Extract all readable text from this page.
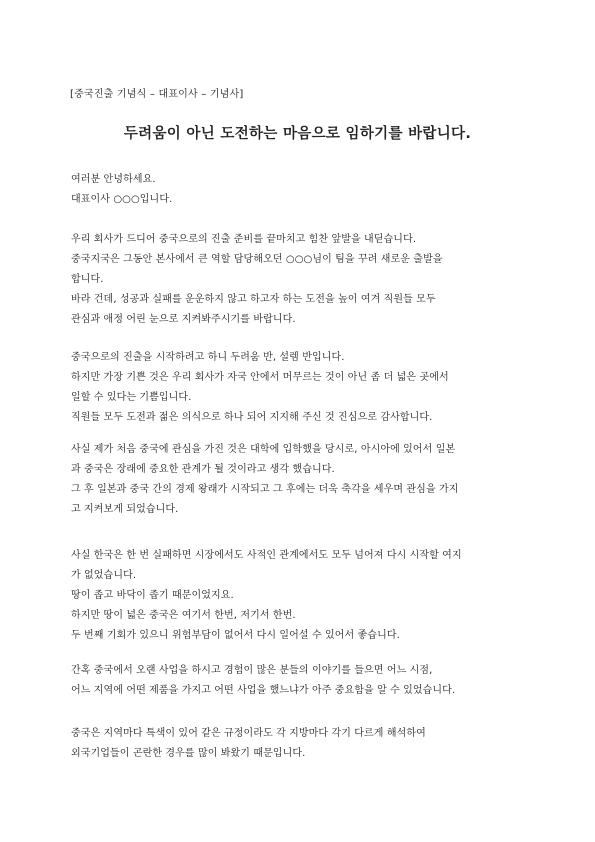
[중국진출 기념식 – 대표이사 – 기념사]
두려움이 아닌 도전하는 마음으로 임하기를 바랍니다.
여러분 안녕하세요.
대표이사 ○○○입니다.
우리 회사가 드디어 중국으로의 진출 준비를 끝마치고 힘찬 앞발을 내딛습니다.
중국지국은 그동안 본사에서 큰 역할 담당해오던 ○○○님이 팀을 꾸려 새로운 출발을
합니다.
바라 건데, 성공과 실패를 운운하지 않고 하고자 하는 도전을 높이 여겨 직원들 모두
관심과 애정 어린 눈으로 지켜봐주시기를 바랍니다.
중국으로의 진출을 시작하려고 하니 두려움 반, 설렘 반입니다.
하지만 가장 기쁜 것은 우리 회사가 자국 안에서 머무르는 것이 아닌 좀 더 넓은 곳에서
일할 수 있다는 기쁨입니다.
직원들 모두 도전과 젊은 의식으로 하나 되어 지지해 주신 것 진심으로 감사합니다.
사실 제가 처음 중국에 관심을 가진 것은 대학에 입학했을 당시로, 아시아에 있어서 일본
과 중국은 장래에 중요한 관계가 될 것이라고 생각 했습니다.
그 후 일본과 중국 간의 경제 왕래가 시작되고 그 후에는 더욱 축각을 세우며 관심을 가지
고 지켜보게 되었습니다.
사실 한국은 한 번 실패하면 시장에서도 사적인 관계에서도 모두 넘어져 다시 시작할 여지
가 없었습니다.
땅이 좁고 바닥이 좁기 때문이었지요.
하지만 땅이 넓은 중국은 여기서 한번, 저기서 한번.
두 번째 기회가 있으니 위험부담이 없어서 다시 일어설 수 있어서 좋습니다.
간혹 중국에서 오랜 사업을 하시고 경험이 많은 분들의 이야기를 들으면 어느 시점,
어느 지역에 어떤 제품을 가지고 어떤 사업을 했느냐가 아주 중요함을 알 수 있었습니다.
중국은 지역마다 특색이 있어 같은 규정이라도 각 지방마다 각기 다르게 해석하여
외국기업들이 곤란한 경우를 많이 봐왔기 때문입니다.
